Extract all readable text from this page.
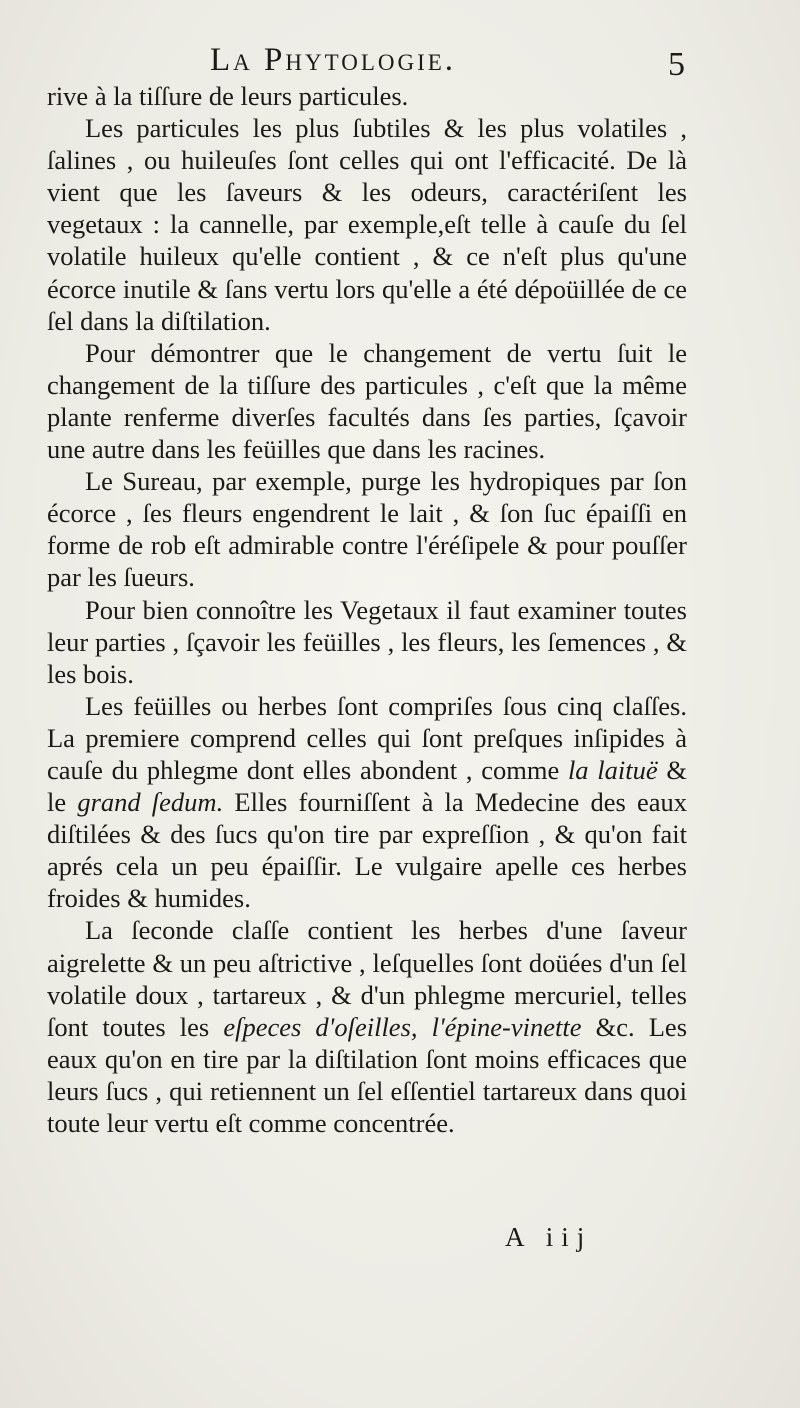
La Phytologie.	5

rive à la tiſſure de leurs particules.

Les particules les plus ſubtiles & les plus volatiles , ſalines , ou huileuſes ſont celles qui ont l'efficacité. De là vient que les ſaveurs & les odeurs, caractériſent les vegetaux : la cannelle, par exemple,eſt telle à cauſe du ſel volatile huileux qu'elle contient , & ce n'eſt plus qu'une écorce inutile & ſans vertu lors qu'elle a été dépoüillée de ce ſel dans la diſtilation.

Pour démontrer que le changement de vertu ſuit le changement de la tiſſure des particules , c'eſt que la même plante renferme diverſes facultés dans ſes parties, ſçavoir une autre dans les feüilles que dans les racines.

Le Sureau, par exemple, purge les hydropiques par ſon écorce , ſes fleurs engendrent le lait , & ſon ſuc épaiſſi en forme de rob eſt admirable contre l'éréſipele & pour pouſſer par les ſueurs.

Pour bien connoître les Vegetaux il faut examiner toutes leur parties , ſçavoir les feüilles , les fleurs, les ſemences , & les bois.

Les feüilles ou herbes ſont compriſes ſous cinq claſſes. La premiere comprend celles qui ſont preſques inſipides à cauſe du phlegme dont elles abondent , comme la laituë & le grand ſedum. Elles fourniſſent à la Medecine des eaux diſtilées & des ſucs qu'on tire par expreſſion , & qu'on fait aprés cela un peu épaiſſir. Le vulgaire apelle ces herbes froides & humides.

La ſeconde claſſe contient les herbes d'une ſaveur aigrelette & un peu aſtrictive , leſquelles ſont doüées d'un ſel volatile doux , tartareux , & d'un phlegme mercuriel, telles ſont toutes les eſpeces d'oſeilles, l'épine-vinette &c. Les eaux qu'on en tire par la diſtilation ſont moins efficaces que leurs ſucs , qui retiennent un ſel eſſentiel tartareux dans quoi toute leur vertu eſt comme concentrée.

A iij
